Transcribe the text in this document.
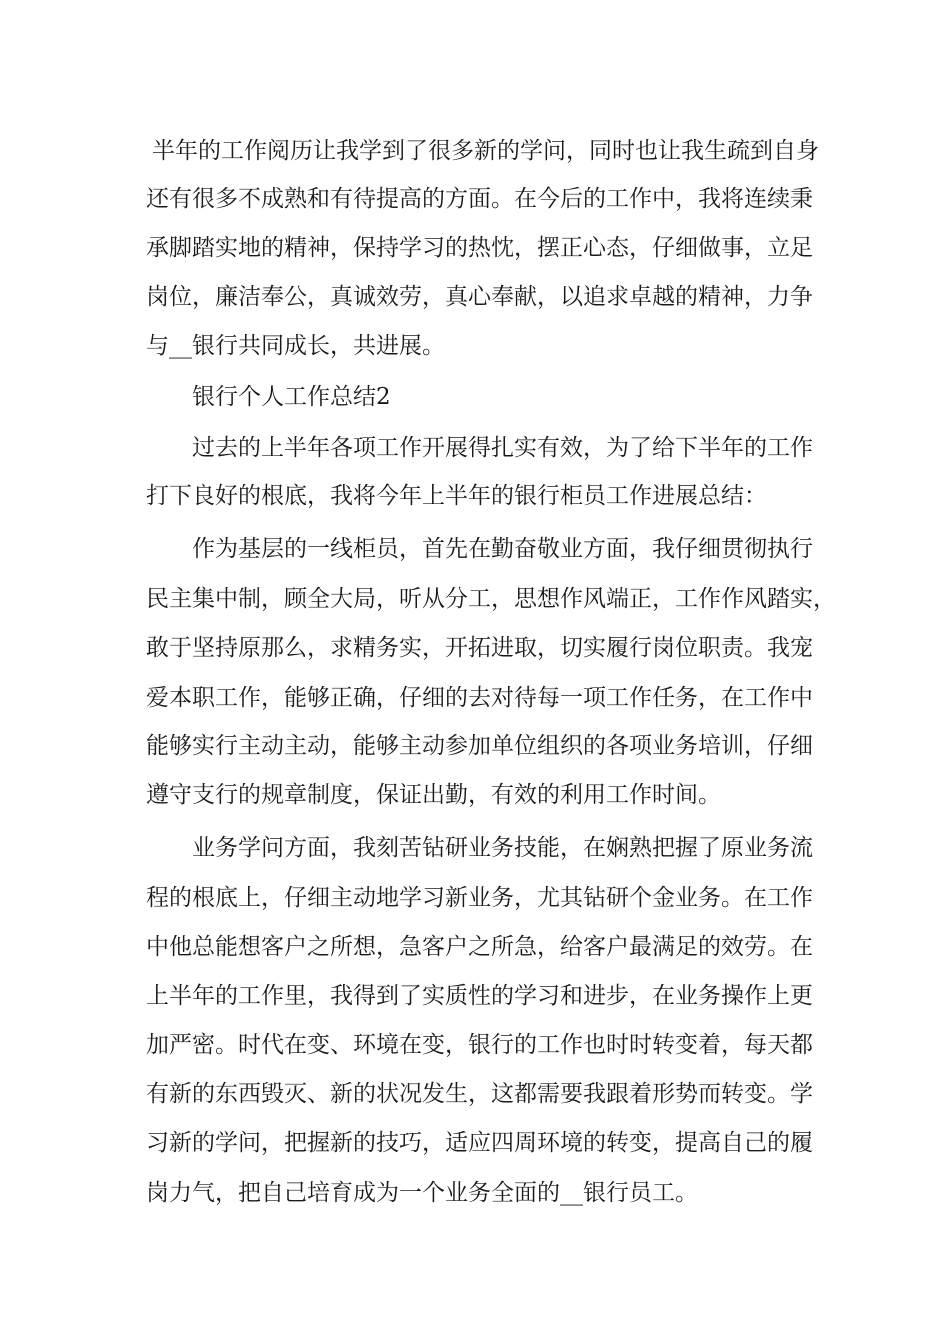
半年的工作阅历让我学到了很多新的学问，同时也让我生疏到自身

还有很多不成熟和有待提高的方面。在今后的工作中，我将连续秉

承脚踏实地的精神，保持学习的热忱，摆正心态，仔细做事，立足

岗位，廉洁奉公，真诚效劳，真心奉献，以追求卓越的精神，力争

与__银行共同成长，共进展。

银行个人工作总结2

过去的上半年各项工作开展得扎实有效，为了给下半年的工作

打下良好的根底，我将今年上半年的银行柜员工作进展总结：

作为基层的一线柜员，首先在勤奋敬业方面，我仔细贯彻执行

民主集中制，顾全大局，听从分工，思想作风端正，工作作风踏实，

敢于坚持原那么，求精务实，开拓进取，切实履行岗位职责。我宠

爱本职工作，能够正确，仔细的去对待每一项工作任务，在工作中

能够实行主动主动，能够主动参加单位组织的各项业务培训，仔细

遵守支行的规章制度，保证出勤，有效的利用工作时间。

业务学问方面，我刻苦钻研业务技能，在娴熟把握了原业务流

程的根底上，仔细主动地学习新业务，尤其钻研个金业务。在工作

中他总能想客户之所想，急客户之所急，给客户最满足的效劳。在

上半年的工作里，我得到了实质性的学习和进步，在业务操作上更

加严密。时代在变、环境在变，银行的工作也时时转变着，每天都

有新的东西毁灭、新的状况发生，这都需要我跟着形势而转变。学

习新的学问，把握新的技巧，适应四周环境的转变，提高自己的履

岗力气，把自己培育成为一个业务全面的__银行员工。
